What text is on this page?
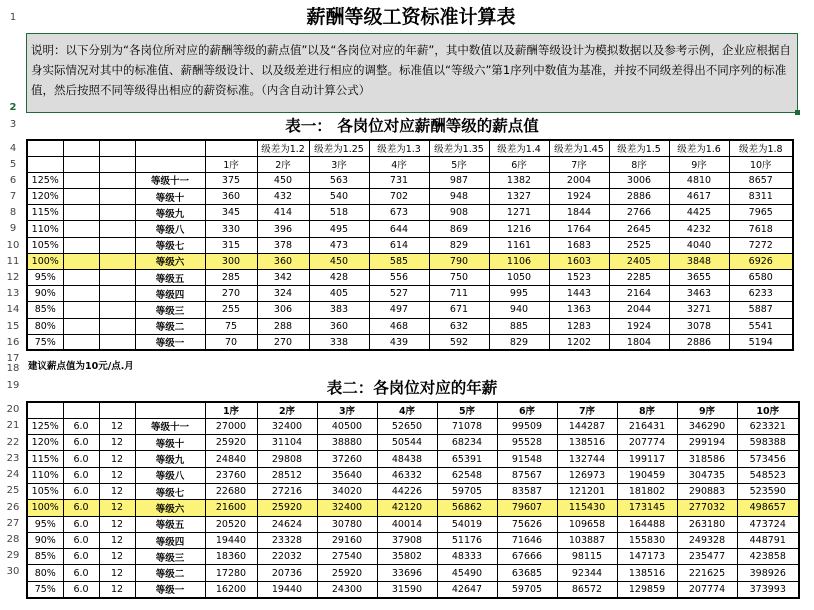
1
2
3
4
5
6
7
8
9
10
11
12
13
14
15
16
17
18
19
20
21
22
23
24
25
26
27
28
29
30
薪酬等级工资标准计算表
说明：以下分别为“各岗位所对应的薪酬等级的薪点值”以及“各岗位对应的年薪”，其中数值以及薪酬等级设计为模拟数据以及参考示例，企业应根据自身实际情况对其中的标准值、薪酬等级设计、以及级差进行相应的调整。标准值以“等级六”第1序列中数值为基准，并按不同级差得出不同序列的标准值，然后按照不同等级得出相应的薪资标准。（内含自动计算公式）
表一： 各岗位对应薪酬等级的薪点值
					级差为1.2	级差为1.25	级差为1.3	级差为1.35	级差为1.4	级差为1.45	级差为1.5	级差为1.6	级差为1.8
				1序	2序	3序	4序	5序	6序	7序	8序	9序	10序
125%			等级十一	375	450	563	731	987	1382	2004	3006	4810	8657
120%			等级十	360	432	540	702	948	1327	1924	2886	4617	8311
115%			等级九	345	414	518	673	908	1271	1844	2766	4425	7965
110%			等级八	330	396	495	644	869	1216	1764	2645	4232	7618
105%			等级七	315	378	473	614	829	1161	1683	2525	4040	7272
100%			等级六	300	360	450	585	790	1106	1603	2405	3848	6926
95%			等级五	285	342	428	556	750	1050	1523	2285	3655	6580
90%			等级四	270	324	405	527	711	995	1443	2164	3463	6233
85%			等级三	255	306	383	497	671	940	1363	2044	3271	5887
80%			等级二	75	288	360	468	632	885	1283	1924	3078	5541
75%			等级一	70	270	338	439	592	829	1202	1804	2886	5194
建议薪点值为10元/点.月
表二：各岗位对应的年薪
				1序	2序	3序	4序	5序	6序	7序	8序	9序	10序
125%	6.0	12	等级十一	27000	32400	40500	52650	71078	99509	144287	216431	346290	623321
120%	6.0	12	等级十	25920	31104	38880	50544	68234	95528	138516	207774	299194	598388
115%	6.0	12	等级九	24840	29808	37260	48438	65391	91548	132744	199117	318586	573456
110%	6.0	12	等级八	23760	28512	35640	46332	62548	87567	126973	190459	304735	548523
105%	6.0	12	等级七	22680	27216	34020	44226	59705	83587	121201	181802	290883	523590
100%	6.0	12	等级六	21600	25920	32400	42120	56862	79607	115430	173145	277032	498657
95%	6.0	12	等级五	20520	24624	30780	40014	54019	75626	109658	164488	263180	473724
90%	6.0	12	等级四	19440	23328	29160	37908	51176	71646	103887	155830	249328	448791
85%	6.0	12	等级三	18360	22032	27540	35802	48333	67666	98115	147173	235477	423858
80%	6.0	12	等级二	17280	20736	25920	33696	45490	63685	92344	138516	221625	398926
75%	6.0	12	等级一	16200	19440	24300	31590	42647	59705	86572	129859	207774	373993
